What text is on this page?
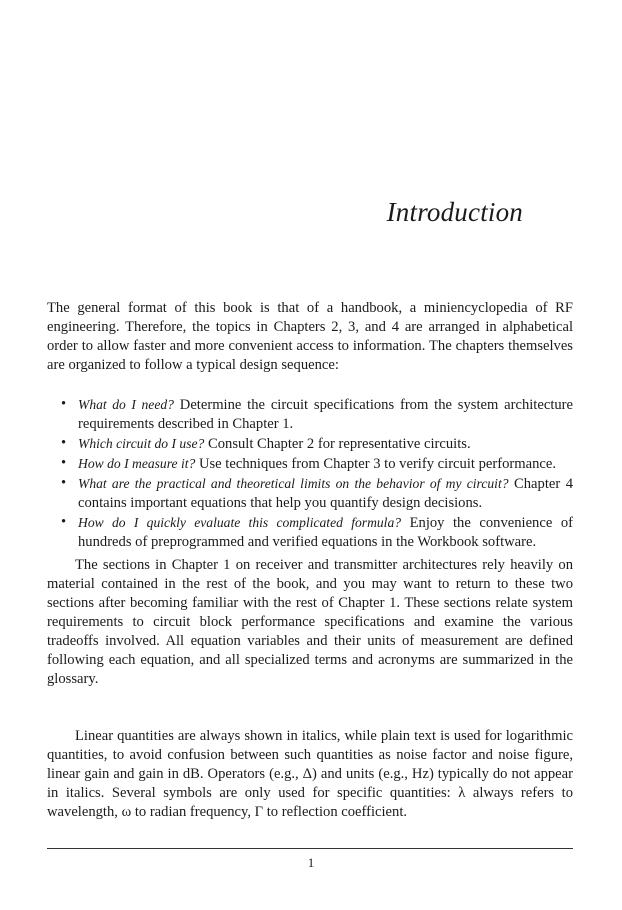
Introduction

The general format of this book is that of a handbook, a miniencyclopedia of RF engineering. Therefore, the topics in Chapters 2, 3, and 4 are arranged in alphabetical order to allow faster and more convenient access to information. The chapters themselves are organized to follow a typical design sequence:

• What do I need? Determine the circuit specifications from the system architecture requirements described in Chapter 1.
• Which circuit do I use? Consult Chapter 2 for representative circuits.
• How do I measure it? Use techniques from Chapter 3 to verify circuit performance.
• What are the practical and theoretical limits on the behavior of my circuit? Chapter 4 contains important equations that help you quantify design decisions.
• How do I quickly evaluate this complicated formula? Enjoy the convenience of hundreds of preprogrammed and verified equations in the Workbook software.

The sections in Chapter 1 on receiver and transmitter architectures rely heavily on material contained in the rest of the book, and you may want to return to these two sections after becoming familiar with the rest of Chapter 1. These sections relate system requirements to circuit block performance specifications and examine the various tradeoffs involved. All equation variables and their units of measurement are defined following each equation, and all specialized terms and acronyms are summarized in the glossary.

Linear quantities are always shown in italics, while plain text is used for logarithmic quantities, to avoid confusion between such quantities as noise factor and noise figure, linear gain and gain in dB. Operators (e.g., Δ) and units (e.g., Hz) typically do not appear in italics. Several symbols are only used for specific quantities: λ always refers to wavelength, ω to radian frequency, Γ to reflection coefficient.

1
